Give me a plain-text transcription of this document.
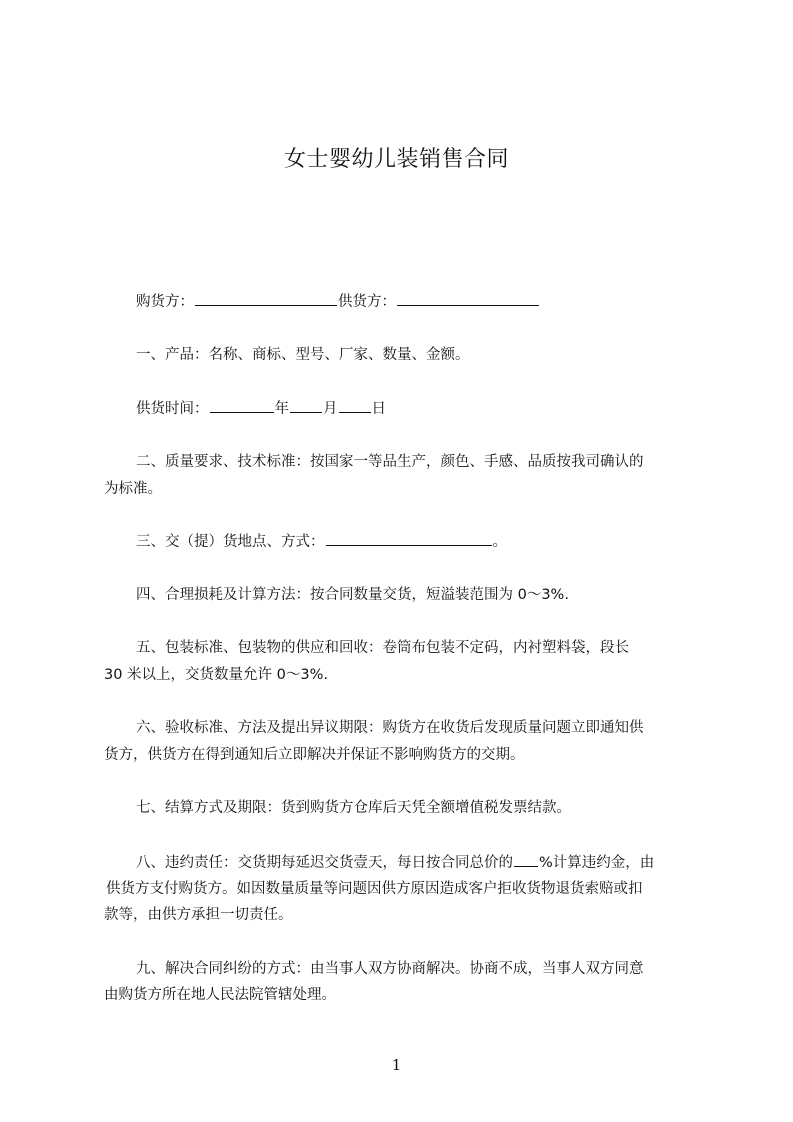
女士婴幼儿装销售合同
购货方：	供货方：
一、产品：名称、商标、型号、厂家、数量、金额。
供货时间：	年 月 日
二、质量要求、技术标准：按国家一等品生产，颜色、手感、品质按我司确认的
为标准。
三、交（提）货地点、方式：	。
四、合理损耗及计算方法：按合同数量交货，短溢装范围为 0～3%.
五、包装标准、包装物的供应和回收：卷筒布包装不定码，内衬塑料袋，段长
30 米以上，交货数量允许 0～3%.
六、验收标准、方法及提出异议期限：购货方在收货后发现质量问题立即通知供
货方，供货方在得到通知后立即解决并保证不影响购货方的交期。
七、结算方式及期限：货到购货方仓库后天凭全额增值税发票结款。
八、违约责任：交货期每延迟交货壹天，每日按合同总价的 %计算违约金，由
供货方支付购货方。如因数量质量等问题因供方原因造成客户拒收货物退货索赔或扣
款等，由供方承担一切责任。
九、解决合同纠纷的方式：由当事人双方协商解决。协商不成，当事人双方同意
由购货方所在地人民法院管辖处理。
1
